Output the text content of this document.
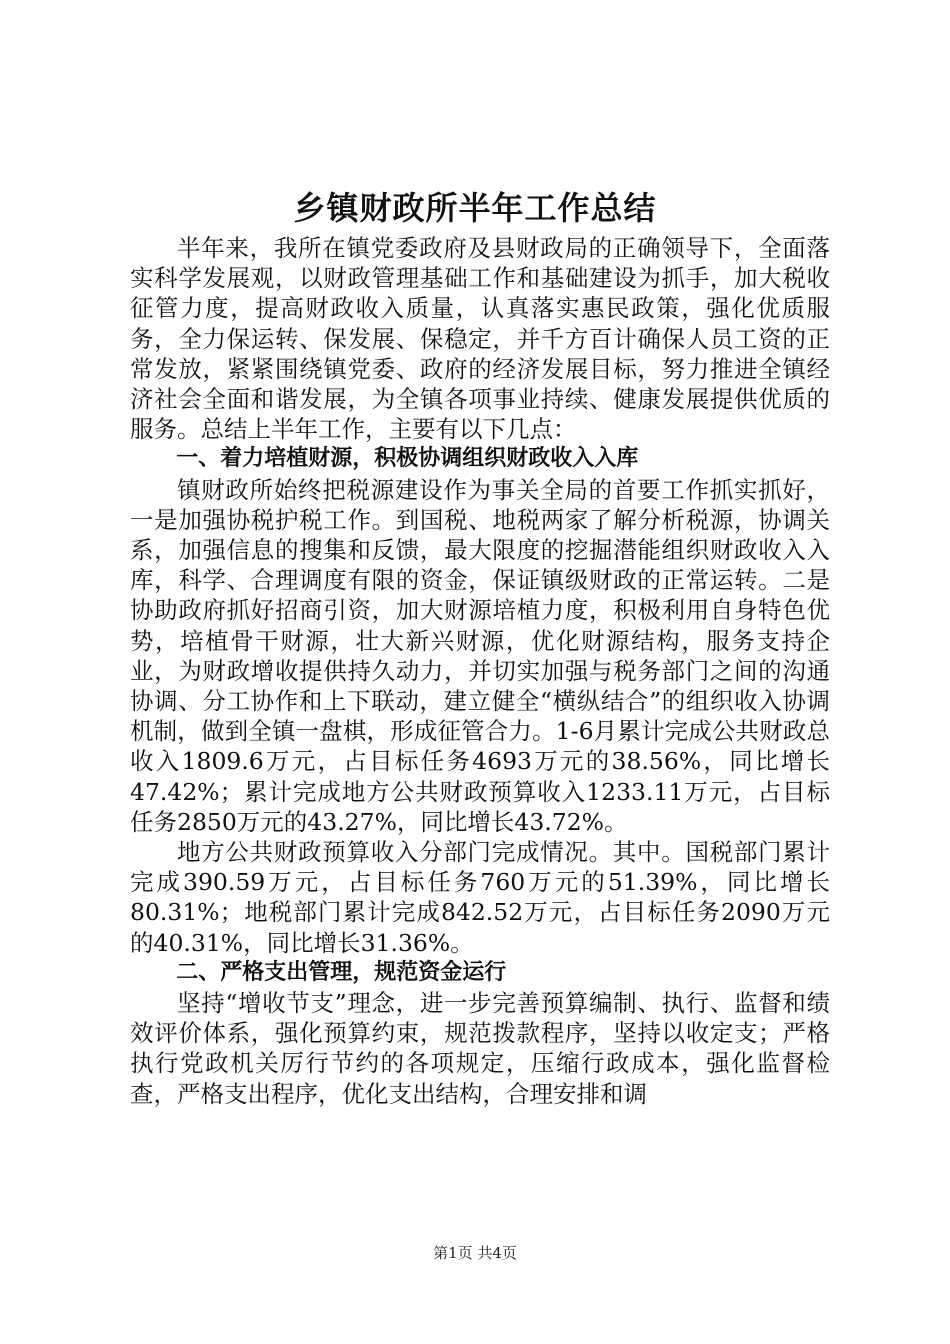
乡镇财政所半年工作总结

半年来，我所在镇党委政府及县财政局的正确领导下，全面落实科学发展观，以财政管理基础工作和基础建设为抓手，加大税收征管力度，提高财政收入质量，认真落实惠民政策，强化优质服务，全力保运转、保发展、保稳定，并千方百计确保人员工资的正常发放，紧紧围绕镇党委、政府的经济发展目标，努力推进全镇经济社会全面和谐发展，为全镇各项事业持续、健康发展提供优质的服务。总结上半年工作，主要有以下几点：

一、着力培植财源，积极协调组织财政收入入库

镇财政所始终把税源建设作为事关全局的首要工作抓实抓好，一是加强协税护税工作。到国税、地税两家了解分析税源，协调关系，加强信息的搜集和反馈，最大限度的挖掘潜能组织财政收入入库，科学、合理调度有限的资金，保证镇级财政的正常运转。二是协助政府抓好招商引资，加大财源培植力度，积极利用自身特色优势，培植骨干财源，壮大新兴财源，优化财源结构，服务支持企业，为财政增收提供持久动力，并切实加强与税务部门之间的沟通协调、分工协作和上下联动，建立健全“横纵结合”的组织收入协调机制，做到全镇一盘棋，形成征管合力。1-6月累计完成公共财政总收入1809.6万元，占目标任务4693万元的38.56%，同比增长47.42%；累计完成地方公共财政预算收入1233.11万元，占目标任务2850万元的43.27%，同比增长43.72%。

地方公共财政预算收入分部门完成情况。其中。国税部门累计完成390.59万元，占目标任务760万元的51.39%，同比增长80.31%；地税部门累计完成842.52万元，占目标任务2090万元的40.31%，同比增长31.36%。

二、严格支出管理，规范资金运行

坚持“增收节支”理念，进一步完善预算编制、执行、监督和绩效评价体系，强化预算约束，规范拨款程序，坚持以收定支；严格执行党政机关厉行节约的各项规定，压缩行政成本，强化监督检查，严格支出程序，优化支出结构，合理安排和调

第1页 共4页
